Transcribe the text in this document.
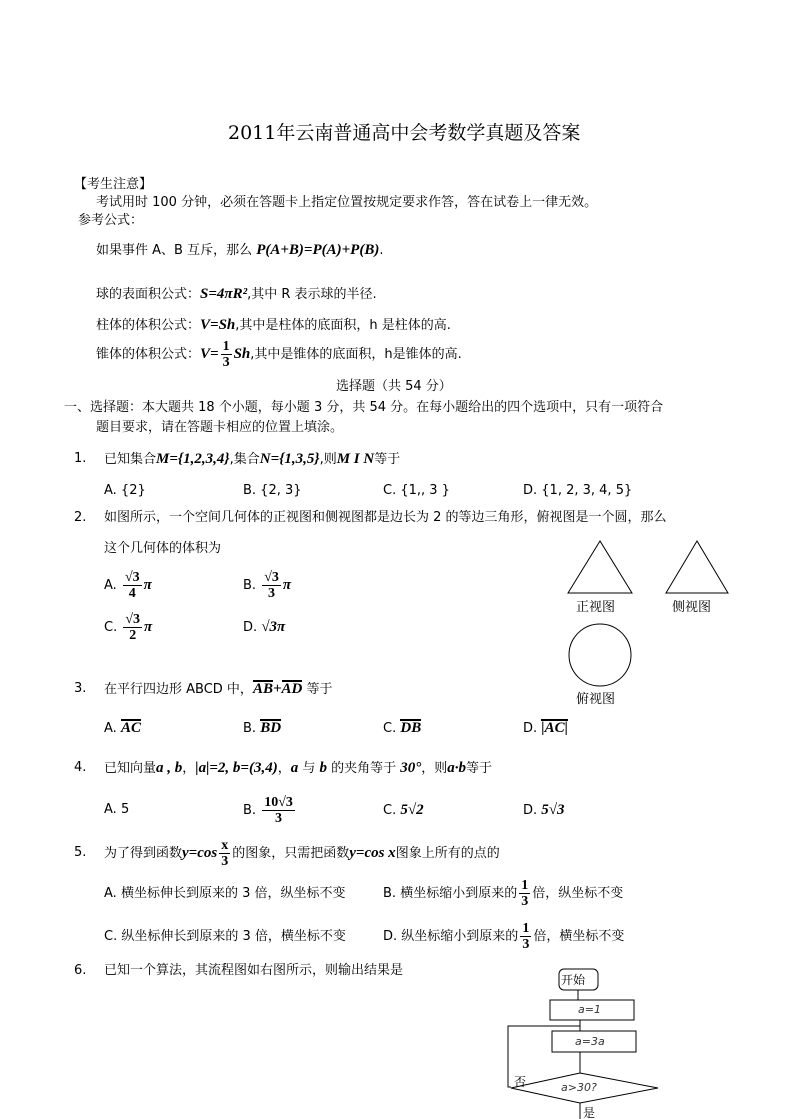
2011年云南普通高中会考数学真题及答案
【考生注意】
考试用时 100 分钟，必须在答题卡上指定位置按规定要求作答，答在试卷上一律无效。
参考公式：
如果事件 A、B 互斥，那么 P(A+B)=P(A)+P(B).
球的表面积公式：S=4πR²,其中 R 表示球的半径.
柱体的体积公式：V=Sh,其中是柱体的底面积，h 是柱体的高.
锥体的体积公式：$V= \frac{1}{3} Sh$,其中是锥体的底面积，h是锥体的高.
选择题（共 54 分）
一、选择题：本大题共 18 个小题，每小题 3 分，共 54 分。在每小题给出的四个选项中，只有一项符合
题目要求，请在答题卡相应的位置上填涂。
1. 已知集合M={1,2,3,4},集合N={1,3,5},则M I N等于
A. {2}	B. {2, 3}	C. {1,, 3 }	D. {1, 2, 3, 4, 5}
2. 如图所示，一个空间几何体的正视图和侧视图都是边长为 2 的等边三角形，俯视图是一个圆，那么
这个几何体的体积为
A. $\frac{√3}{4}$ π	B. $\frac{√3}{3}$ π
C. $\frac{√3}{2}$ π	D. √3π
正视图	侧视图
俯视图
3. 在平行四边形 ABCD 中，AB+AD 等于
A. AC	B. BD	C. DB	D. |AC|
4. 已知向量a , b，|a|=2, b=(3,4)，a 与 b 的夹角等于 30°，则a·b等于
A. 5	B. $\frac{10√3}{3}$	C. 5√2	D. 5√3
5. 为了得到函数$y=\cos \frac{x}{3}$ 的图象，只需把函数y=cos x图象上所有的点的
A. 横坐标伸长到原来的 3 倍，纵坐标不变	B. 横坐标缩小到原来的 $\frac{1}{3}$ 倍，纵坐标不变
C. 纵坐标伸长到原来的 3 倍，横坐标不变	D. 纵坐标缩小到原来的 $\frac{1}{3}$ 倍，横坐标不变
6. 已知一个算法，其流程图如右图所示，则输出结果是
开始
a=1
a=3a
a>30?
否
是
